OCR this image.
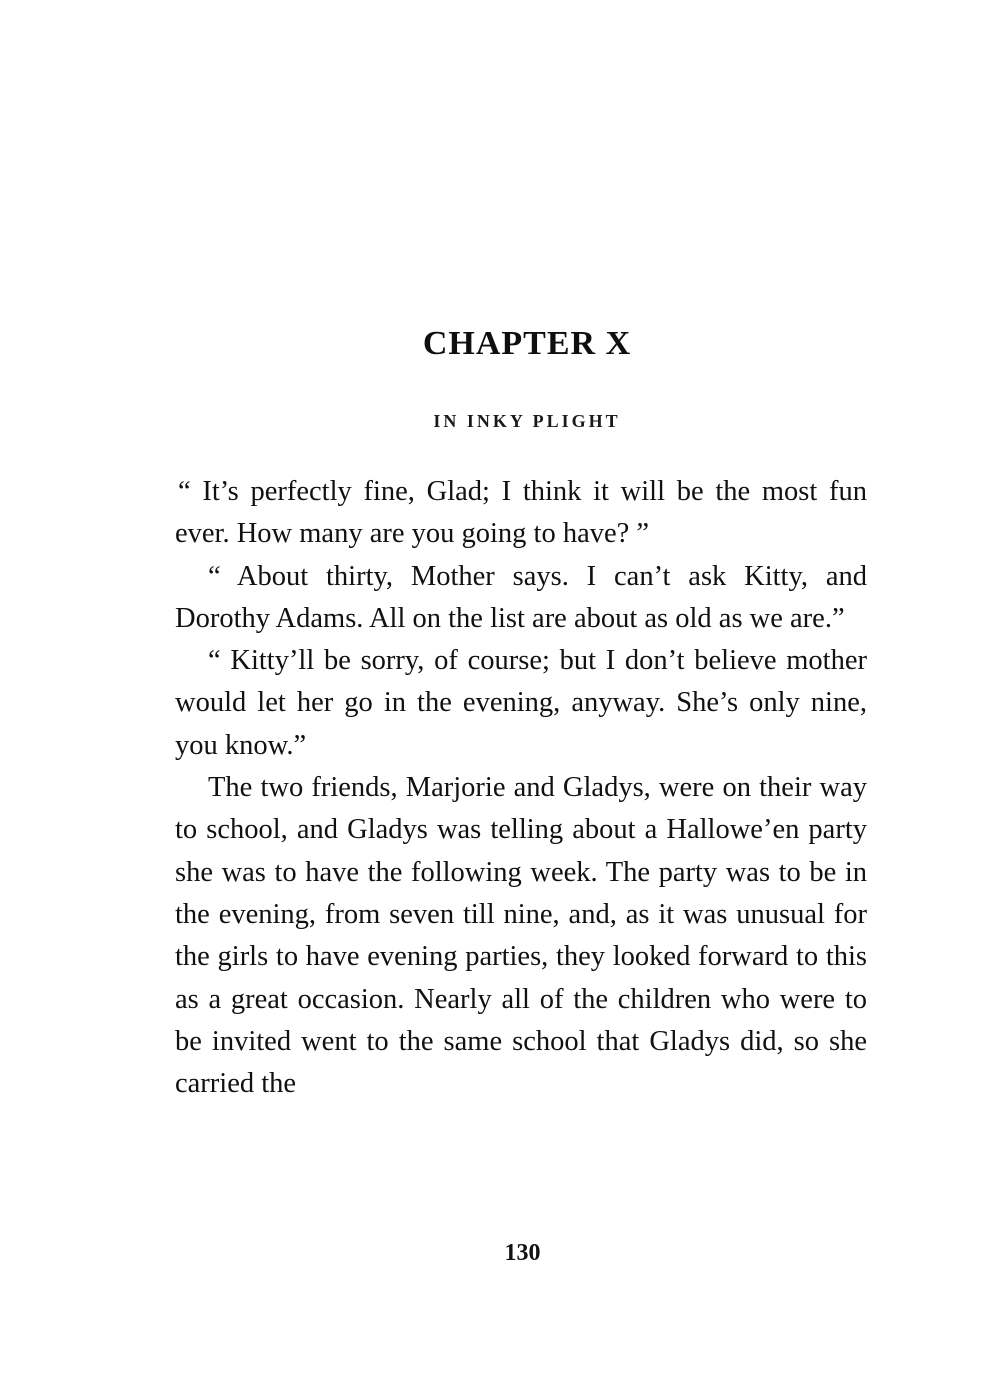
CHAPTER X
IN INKY PLIGHT

“ It’s perfectly fine, Glad; I think it will be the most fun ever. How many are you going to have? ”

“ About thirty, Mother says. I can’t ask Kitty, and Dorothy Adams. All on the list are about as old as we are.”

“ Kitty’ll be sorry, of course; but I don’t believe mother would let her go in the evening, anyway. She’s only nine, you know.”

The two friends, Marjorie and Gladys, were on their way to school, and Gladys was telling about a Hallowe’en party she was to have the following week. The party was to be in the evening, from seven till nine, and, as it was unusual for the girls to have evening parties, they looked forward to this as a great occasion. Nearly all of the children who were to be invited went to the same school that Gladys did, so she carried the

130
